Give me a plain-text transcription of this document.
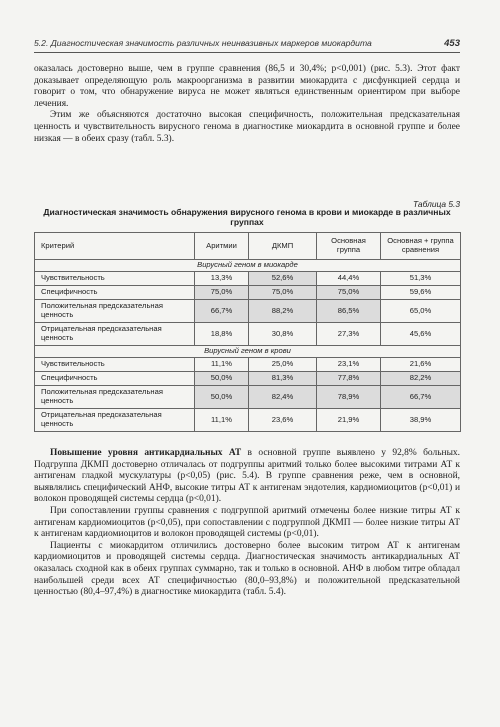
5.2. Диагностическая значимость различных неинвазивных маркеров миокардита	453

оказалась достоверно выше, чем в группе сравнения (86,5 и 30,4%; p<0,001) (рис. 5.3). Этот факт доказывает определяющую роль макроорганизма в развитии миокардита с дисфункцией сердца и говорит о том, что обнаружение вируса не может являться единственным ориентиром при выборе лечения.

Этим же объясняются достаточно высокая специфичность, положительная предсказательная ценность и чувствительность вирусного генома в диагностике миокардита в основной группе и более низкая — в обеих сразу (табл. 5.3).

Таблица 5.3
Диагностическая значимость обнаружения вирусного генома в крови и миокарде в различных группах
Критерий	Аритмии	ДКМП	Основная группа	Основная + группа сравнения
Вирусный геном в миокарде				
Чувствительность	13,3%	52,6%	44,4%	51,3%
Специфичность	75,0%	75,0%	75,0%	59,6%
Положительная предсказательная ценность	66,7%	88,2%	86,5%	65,0%
Отрицательная предсказательная ценность	18,8%	30,8%	27,3%	45,6%
Вирусный геном в крови				
Чувствительность	11,1%	25,0%	23,1%	21,6%
Специфичность	50,0%	81,3%	77,8%	82,2%
Положительная предсказательная ценность	50,0%	82,4%	78,9%	66,7%
Отрицательная предсказательная ценность	11,1%	23,6%	21,9%	38,9%

Повышение уровня антикардиальных АТ в основной группе выявлено у 92,8% больных. Подгруппа ДКМП достоверно отличалась от подгруппы аритмий только более высокими титрами АТ к антигенам гладкой мускулатуры (p<0,05) (рис. 5.4). В группе сравнения реже, чем в основной, выявлялись специфический АНФ, высокие титры АТ к антигенам эндотелия, кардиомиоцитов (p<0,01) и волокон проводящей системы сердца (p<0,01).

При сопоставлении группы сравнения с подгруппой аритмий отмечены более низкие титры АТ к антигенам кардиомиоцитов (p<0,05), при сопоставлении с подгруппой ДКМП — более низкие титры АТ к антигенам кардиомиоцитов и волокон проводящей системы (p<0,01).

Пациенты с миокардитом отличились достоверно более высоким титром АТ к антигенам кардиомиоцитов и проводящей системы сердца. Диагностическая значимость антикардиальных АТ оказалась сходной как в обеих группах суммарно, так и только в основной. АНФ в любом титре обладал наибольшей среди всех АТ специфичностью (80,0–93,8%) и положительной предсказательной ценностью (80,4–97,4%) в диагностике миокардита (табл. 5.4).
